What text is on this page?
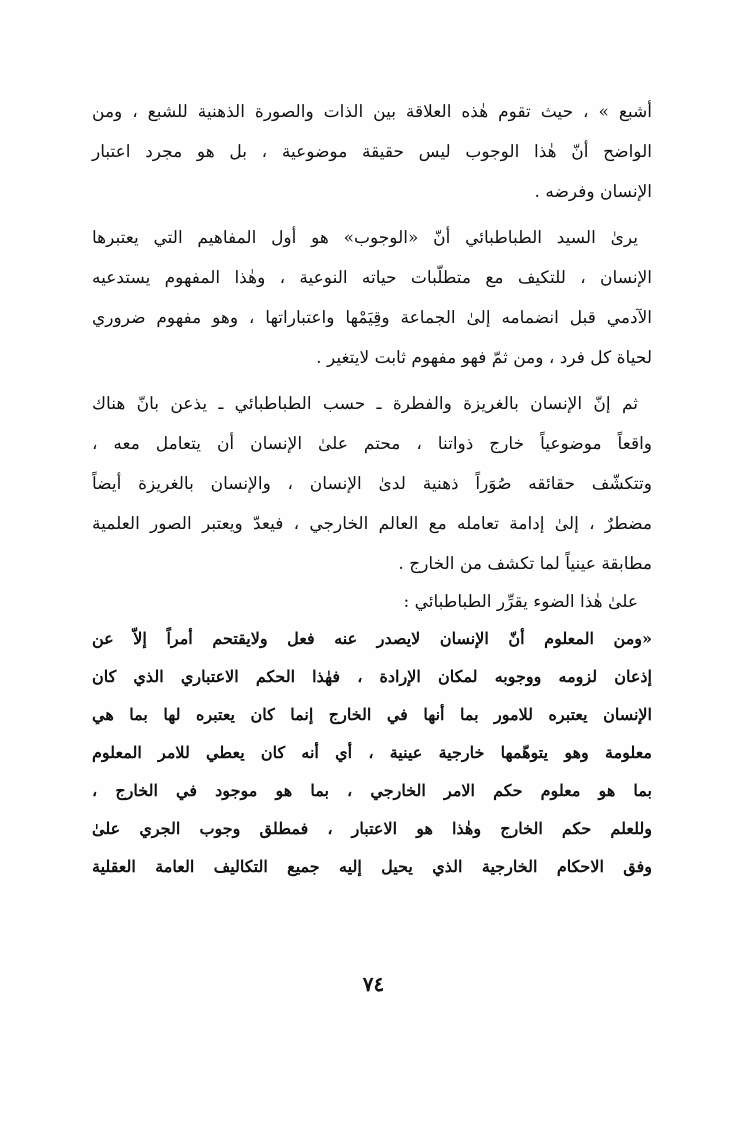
أشبع » ، حيث تقوم هٰذه العلاقة بين الذات والصورة الذهنية للشبع ، ومن
الواضح أنّ هٰذا الوجوب ليس حقيقة موضوعية ، بل هو مجرد اعتبار
الإنسان وفرضه .
يرىٰ السيد الطباطبائي أنّ «الوجوب» هو أول المفاهيم التي يعتبرها
الإنسان ، للتكيف مع متطلّبات حياته النوعية ، وهٰذا المفهوم يستدعيه
الآدمي قبل انضمامه إلىٰ الجماعة وقِيَمْها واعتباراتها ، وهو مفهوم ضروري
لحياة كل فرد ، ومن ثمّ فهو مفهوم ثابت لايتغير .
ثم إنّ الإنسان بالغريزة والفطرة ـ حسب الطباطبائي ـ يذعن بانّ هناك
واقعاً موضوعياً خارج ذواتنا ، محتم علىٰ الإنسان أن يتعامل معه ،
وتتكشّف حقائقه صُوَراً ذهنية لدىٰ الإنسان ، والإنسان بالغريزة أيضاً
مضطرٌ ، إلىٰ إدامة تعامله مع العالم الخارجي ، فيعدّ ويعتبر الصور العلمية
مطابقة عينياً لما تكشف من الخارج .
علىٰ هٰذا الضوء يقرِّر الطباطبائي :
«ومن المعلوم أنّ الإنسان لايصدر عنه فعل ولايقتحم أمراً إلاّ عن
إذعان لزومه ووجوبه لمكان الإرادة ، فهٰذا الحكم الاعتباري الذي كان
الإنسان يعتبره للامور بما أنها في الخارج إنما كان يعتبره لها بما هي
معلومة وهو يتوهّمها خارجية عينية ، أي أنه كان يعطي للامر المعلوم
بما هو معلوم حكم الامر الخارجي ، بما هو موجود في الخارج ،
وللعلم حكم الخارج وهٰذا هو الاعتبار ، فمطلق وجوب الجري علىٰ
وفق الاحكام الخارجية الذي يحيل إليه جميع التكاليف العامة العقلية
٧٤
